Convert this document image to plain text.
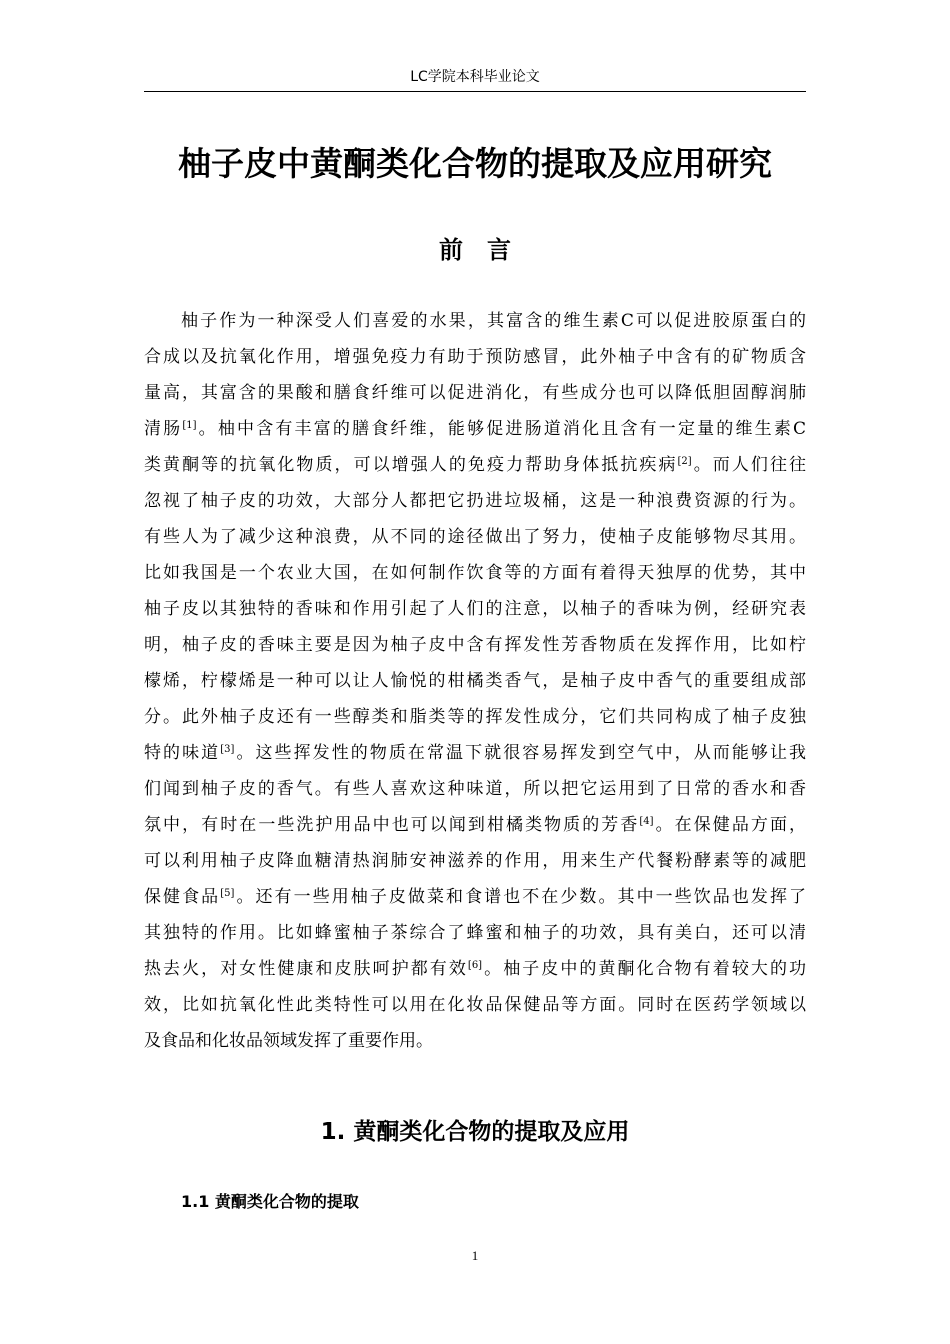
LC学院本科毕业论文
柚子皮中黄酮类化合物的提取及应用研究
前言
柚子作为一种深受人们喜爱的水果，其富含的维生素C可以促进胶原蛋白的
合成以及抗氧化作用，增强免疫力有助于预防感冒，此外柚子中含有的矿物质含
量高，其富含的果酸和膳食纤维可以促进消化，有些成分也可以降低胆固醇润肺
清肠[1]。柚中含有丰富的膳食纤维，能够促进肠道消化且含有一定量的维生素C
类黄酮等的抗氧化物质，可以增强人的免疫力帮助身体抵抗疾病[2]。而人们往往
忽视了柚子皮的功效，大部分人都把它扔进垃圾桶，这是一种浪费资源的行为。
有些人为了减少这种浪费，从不同的途径做出了努力，使柚子皮能够物尽其用。
比如我国是一个农业大国，在如何制作饮食等的方面有着得天独厚的优势，其中
柚子皮以其独特的香味和作用引起了人们的注意，以柚子的香味为例，经研究表
明，柚子皮的香味主要是因为柚子皮中含有挥发性芳香物质在发挥作用，比如柠
檬烯，柠檬烯是一种可以让人愉悦的柑橘类香气，是柚子皮中香气的重要组成部
分。此外柚子皮还有一些醇类和脂类等的挥发性成分，它们共同构成了柚子皮独
特的味道[3]。这些挥发性的物质在常温下就很容易挥发到空气中，从而能够让我
们闻到柚子皮的香气。有些人喜欢这种味道，所以把它运用到了日常的香水和香
氛中，有时在一些洗护用品中也可以闻到柑橘类物质的芳香[4]。在保健品方面，
可以利用柚子皮降血糖清热润肺安神滋养的作用，用来生产代餐粉酵素等的减肥
保健食品[5]。还有一些用柚子皮做菜和食谱也不在少数。其中一些饮品也发挥了
其独特的作用。比如蜂蜜柚子茶综合了蜂蜜和柚子的功效，具有美白，还可以清
热去火，对女性健康和皮肤呵护都有效[6]。柚子皮中的黄酮化合物有着较大的功
效，比如抗氧化性此类特性可以用在化妆品保健品等方面。同时在医药学领域以
及食品和化妆品领域发挥了重要作用。
1. 黄酮类化合物的提取及应用
1.1 黄酮类化合物的提取
1
